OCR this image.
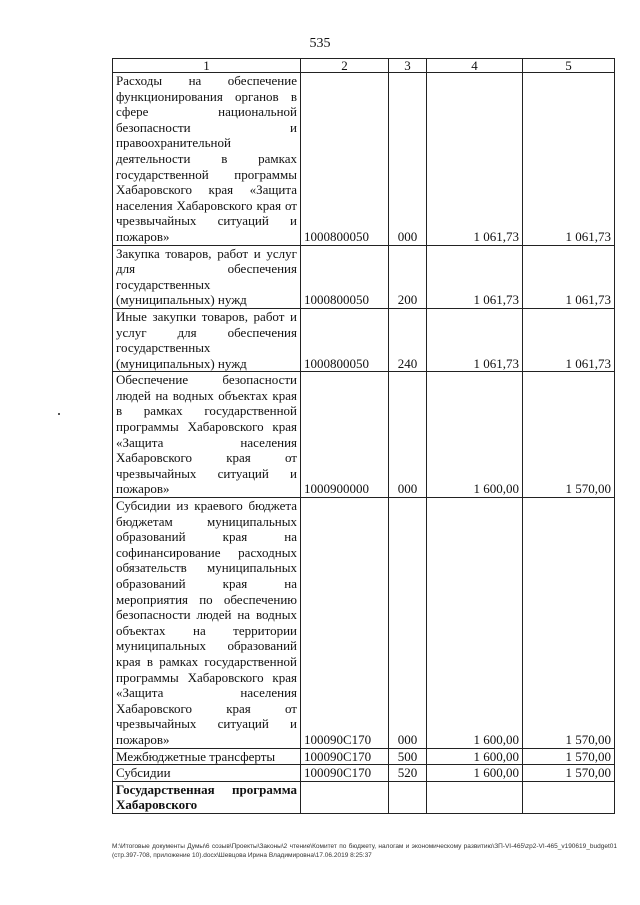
535
1	2	3	4	5
Расходы на обеспечение функционирования органов в сфере национальной безопасности и правоохранительной деятельности в рамках государственной программы Хабаровского края «Защита населения Хабаровского края от чрезвычайных ситуаций и пожаров»	1000800050	000	1 061,73	1 061,73
Закупка товаров, работ и услуг для обеспечения государственных (муниципальных) нужд	1000800050	200	1 061,73	1 061,73
Иные закупки товаров, работ и услуг для обеспечения государственных (муниципальных) нужд	1000800050	240	1 061,73	1 061,73
Обеспечение безопасности людей на водных объектах края в рамках государственной программы Хабаровского края «Защита населения Хабаровского края от чрезвычайных ситуаций и пожаров»	1000900000	000	1 600,00	1 570,00
Субсидии из краевого бюджета бюджетам муниципальных образований края на софинансирование расходных обязательств муниципальных образований края на мероприятия по обеспечению безопасности людей на водных объектах на территории муниципальных образований края в рамках государственной программы Хабаровского края «Защита населения Хабаровского края от чрезвычайных ситуаций и пожаров»	100090C170	000	1 600,00	1 570,00
Межбюджетные трансферты	100090C170	500	1 600,00	1 570,00
Субсидии	100090C170	520	1 600,00	1 570,00
Государственная программа Хабаровского				
M:\Итоговые документы Думы\6 созыв\Проекты\Законы\2 чтение\Комитет по бюджету, налогам и экономическому развитию\ЗП-VI-465\zp2-VI-465_v190619_budget01 (стр.397-708, приложение 10).docx\Шевцова Ирина Владимировна\17.06.2019 8:25:37
